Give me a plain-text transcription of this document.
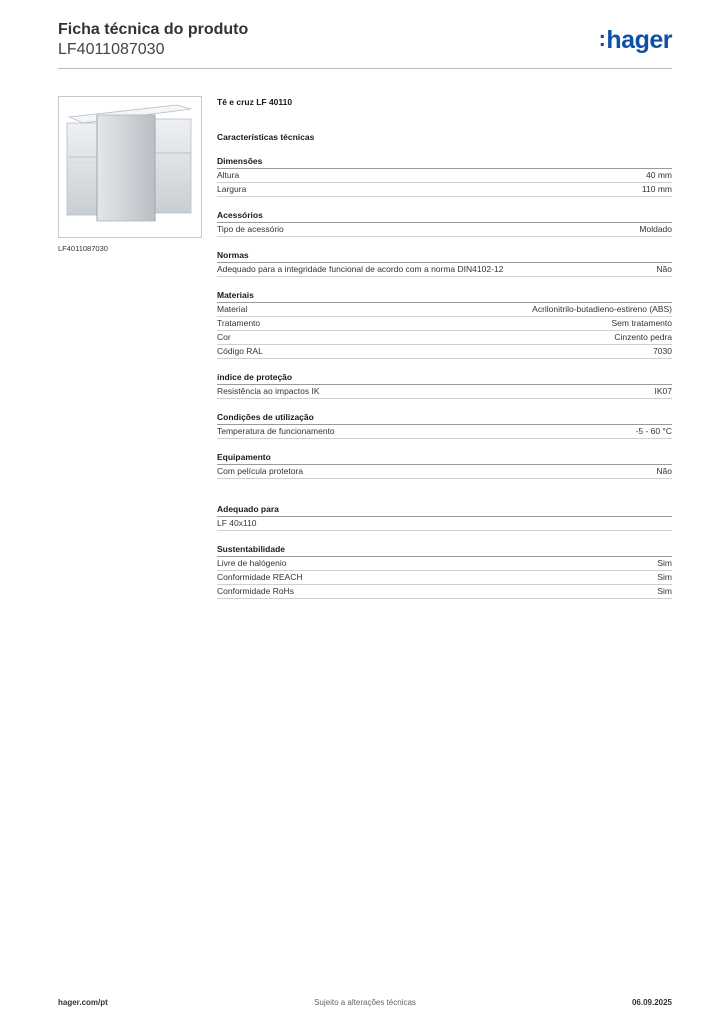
Ficha técnica do produto
LF4011087030	:hager
LF4011087030
Tê e cruz LF 40110
Características técnicas
Dimensões
Altura	40 mm
Largura	110 mm
Acessórios
Tipo de acessório	Moldado
Normas
Adequado para a integridade funcional de acordo com a norma DIN4102-12	Não
Materiais
Material	Acrilonitrilo-butadieno-estireno (ABS)
Tratamento	Sem tratamento
Cor	Cinzento pedra
Código RAL	7030
índice de proteção
Resistência ao impactos IK	IK07
Condições de utilização
Temperatura de funcionamento	-5 - 60 °C
Equipamento
Com película protetora	Não
Adequado para
LF 40x110
Sustentabilidade
Livre de halógenio	Sim
Conformidade REACH	Sim
Conformidade RoHs	Sim
hager.com/pt	Sujeito a alterações técnicas	06.09.2025
